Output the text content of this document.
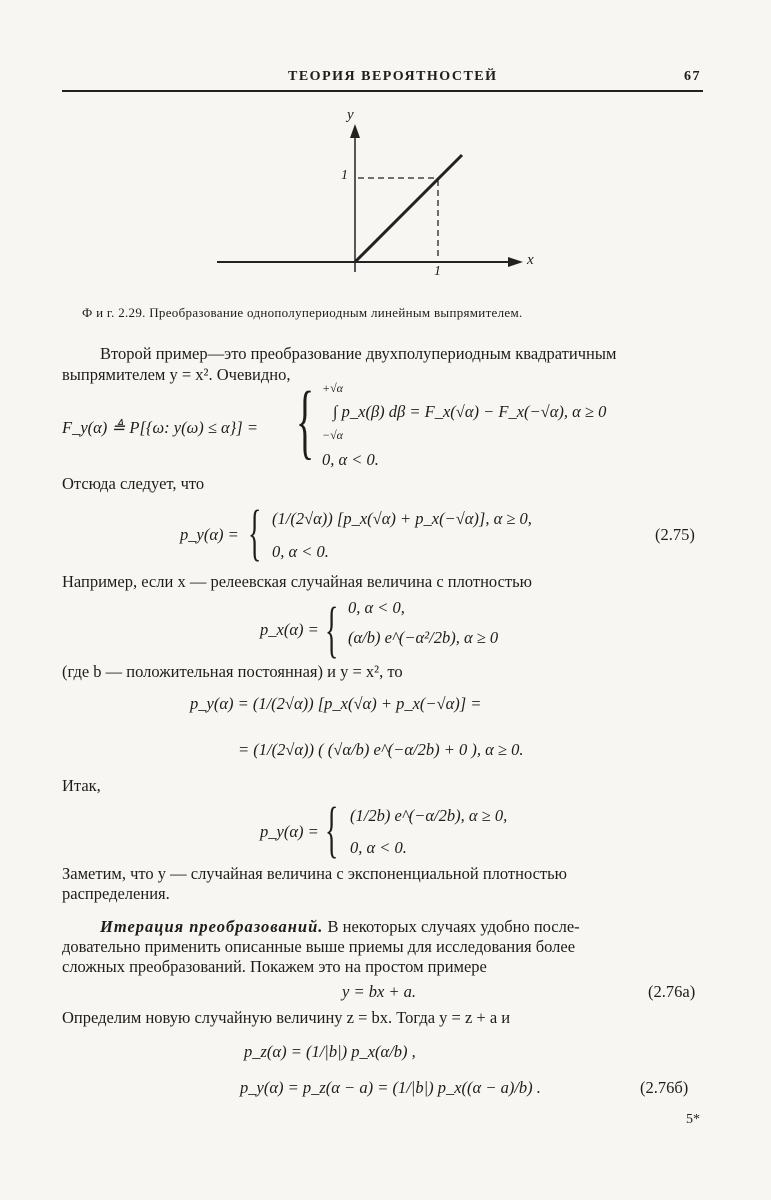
ТЕОРИЯ ВЕРОЯТНОСТЕЙ	67
y
x
1
1
Ф и г. 2.29. Преобразование однополупериодным линейным выпрямителем.
Второй пример—это преобразование двухполупериодным квадратичным
выпрямителем y = x². Очевидно,
F_y(α) ≜ P[{ω: y(ω) ≤ α}] = { +√α
−√α
∫ p_x(β) dβ = F_x(√α) − F_x(−√α), α ≥ 0
0, α < 0.
Отсюда следует, что
p_y(α) = { (1/(2√α)) [p_x(√α) + p_x(−√α)], α ≥ 0,
0, α < 0.
(2.75)
Например, если x — релеевская случайная величина с плотностью
p_x(α) = { 0, α < 0,
(α/b) e^(−α²/2b), α ≥ 0
(где b — положительная постоянная) и y = x², то
p_y(α) = (1/(2√α)) [p_x(√α) + p_x(−√α)] =
= (1/(2√α)) ( (√α/b) e^(−α/2b) + 0 ), α ≥ 0.
Итак,
p_y(α) = { (1/2b) e^(−α/2b), α ≥ 0,
0, α < 0.
Заметим, что y — случайная величина с экспоненциальной плотностью
распределения.
Итерация преобразований. В некоторых случаях удобно после-
довательно применить описанные выше приемы для исследования более
сложных преобразований. Покажем это на простом примере
y = bx + a.	(2.76a)
Определим новую случайную величину z = bx. Тогда y = z + a и
p_z(α) = (1/|b|) p_x(α/b) ,
p_y(α) = p_z(α − a) = (1/|b|) p_x((α − a)/b) .	(2.76б)
5*
